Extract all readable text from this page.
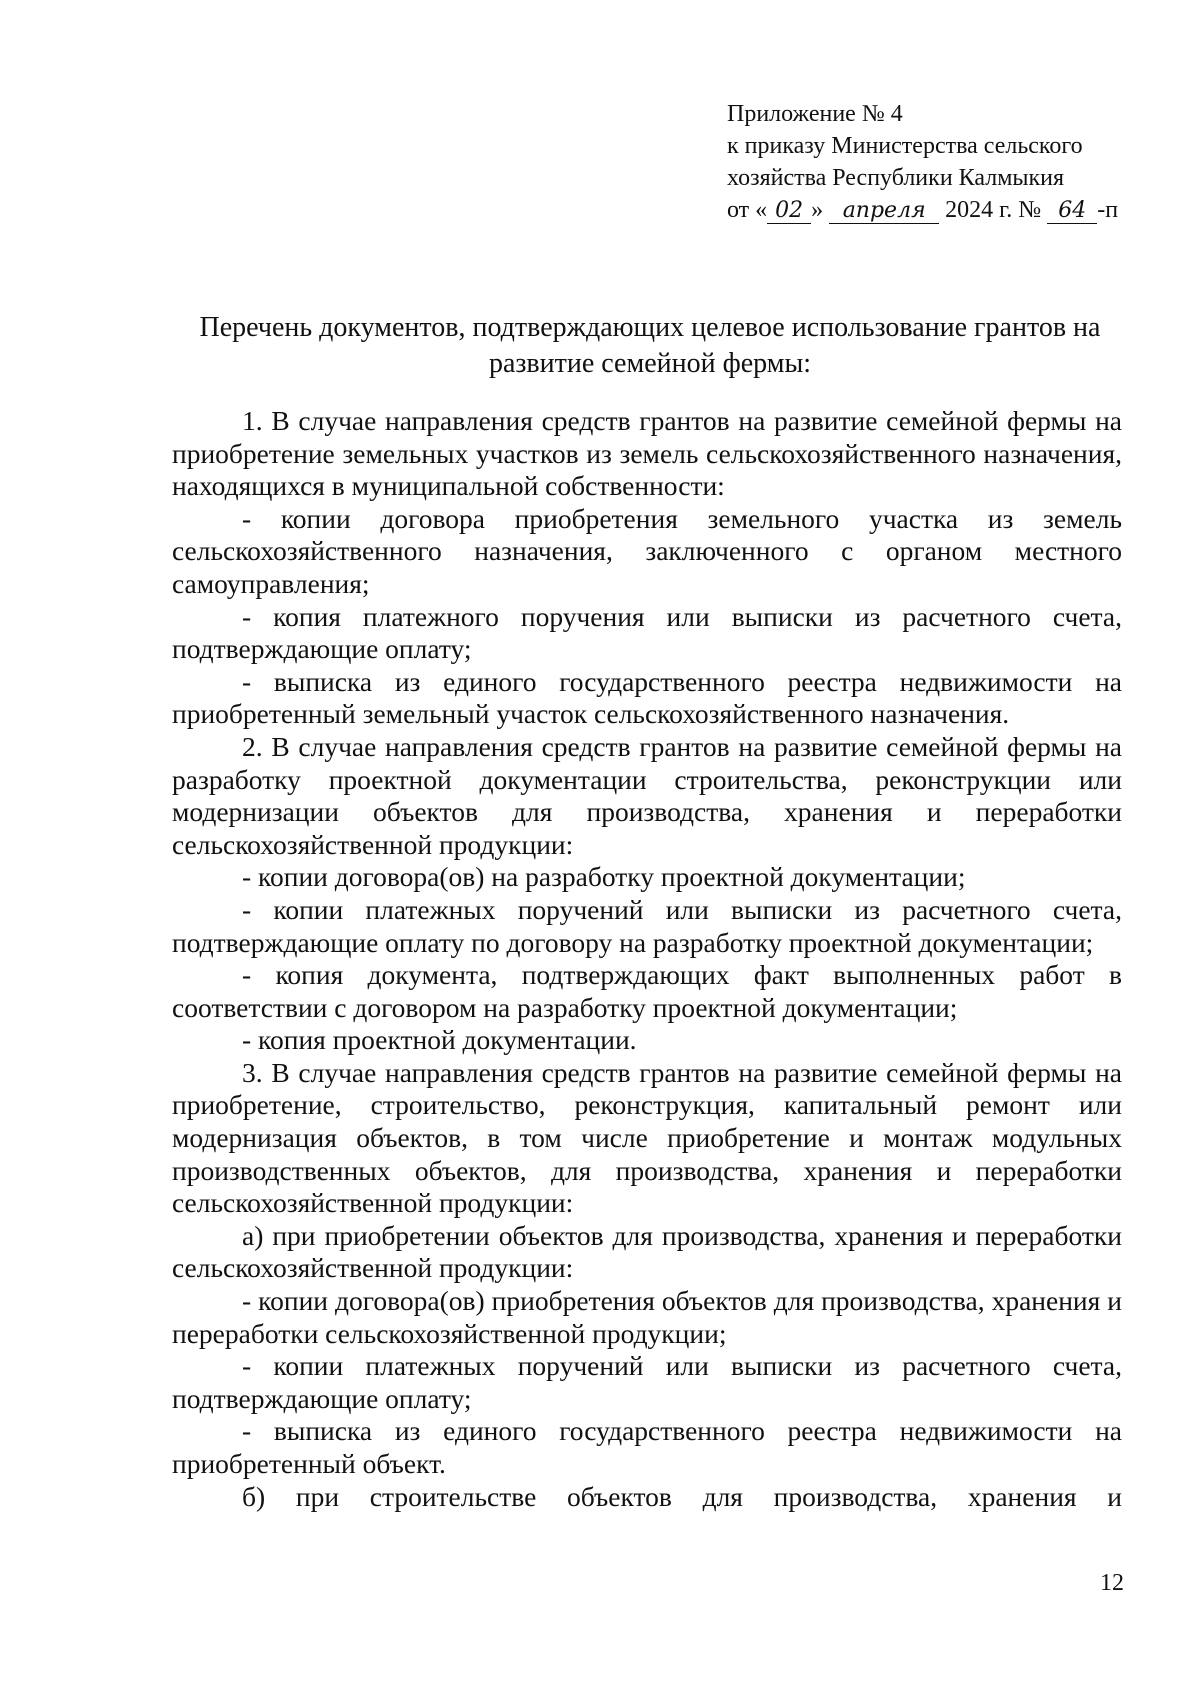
Приложение № 4
к приказу Министерства сельского
хозяйства Республики Калмыкия
от « 02 » апреля 2024 г. № 64 -п
Перечень документов, подтверждающих целевое использование грантов на
развитие семейной фермы:

1. В случае направления средств грантов на развитие семейной фермы на приобретение земельных участков из земель сельскохозяйственного назначения, находящихся в муниципальной собственности:

- копии договора приобретения земельного участка из земель сельскохозяйственного назначения, заключенного с органом местного самоуправления;

- копия платежного поручения или выписки из расчетного счета, подтверждающие оплату;

- выписка из единого государственного реестра недвижимости на приобретенный земельный участок сельскохозяйственного назначения.

2. В случае направления средств грантов на развитие семейной фермы на разработку проектной документации строительства, реконструкции или модернизации объектов для производства, хранения и переработки сельскохозяйственной продукции:

- копии договора(ов) на разработку проектной документации;

- копии платежных поручений или выписки из расчетного счета, подтверждающие оплату по договору на разработку проектной документации;

- копия документа, подтверждающих факт выполненных работ в соответствии с договором на разработку проектной документации;

- копия проектной документации.

3. В случае направления средств грантов на развитие семейной фермы на приобретение, строительство, реконструкция, капитальный ремонт или модернизация объектов, в том числе приобретение и монтаж модульных производственных объектов, для производства, хранения и переработки сельскохозяйственной продукции:

а) при приобретении объектов для производства, хранения и переработки сельскохозяйственной продукции:

- копии договора(ов) приобретения объектов для производства, хранения и переработки сельскохозяйственной продукции;

- копии платежных поручений или выписки из расчетного счета, подтверждающие оплату;

- выписка из единого государственного реестра недвижимости на приобретенный объект.

б) при строительстве объектов для производства, хранения и

12
